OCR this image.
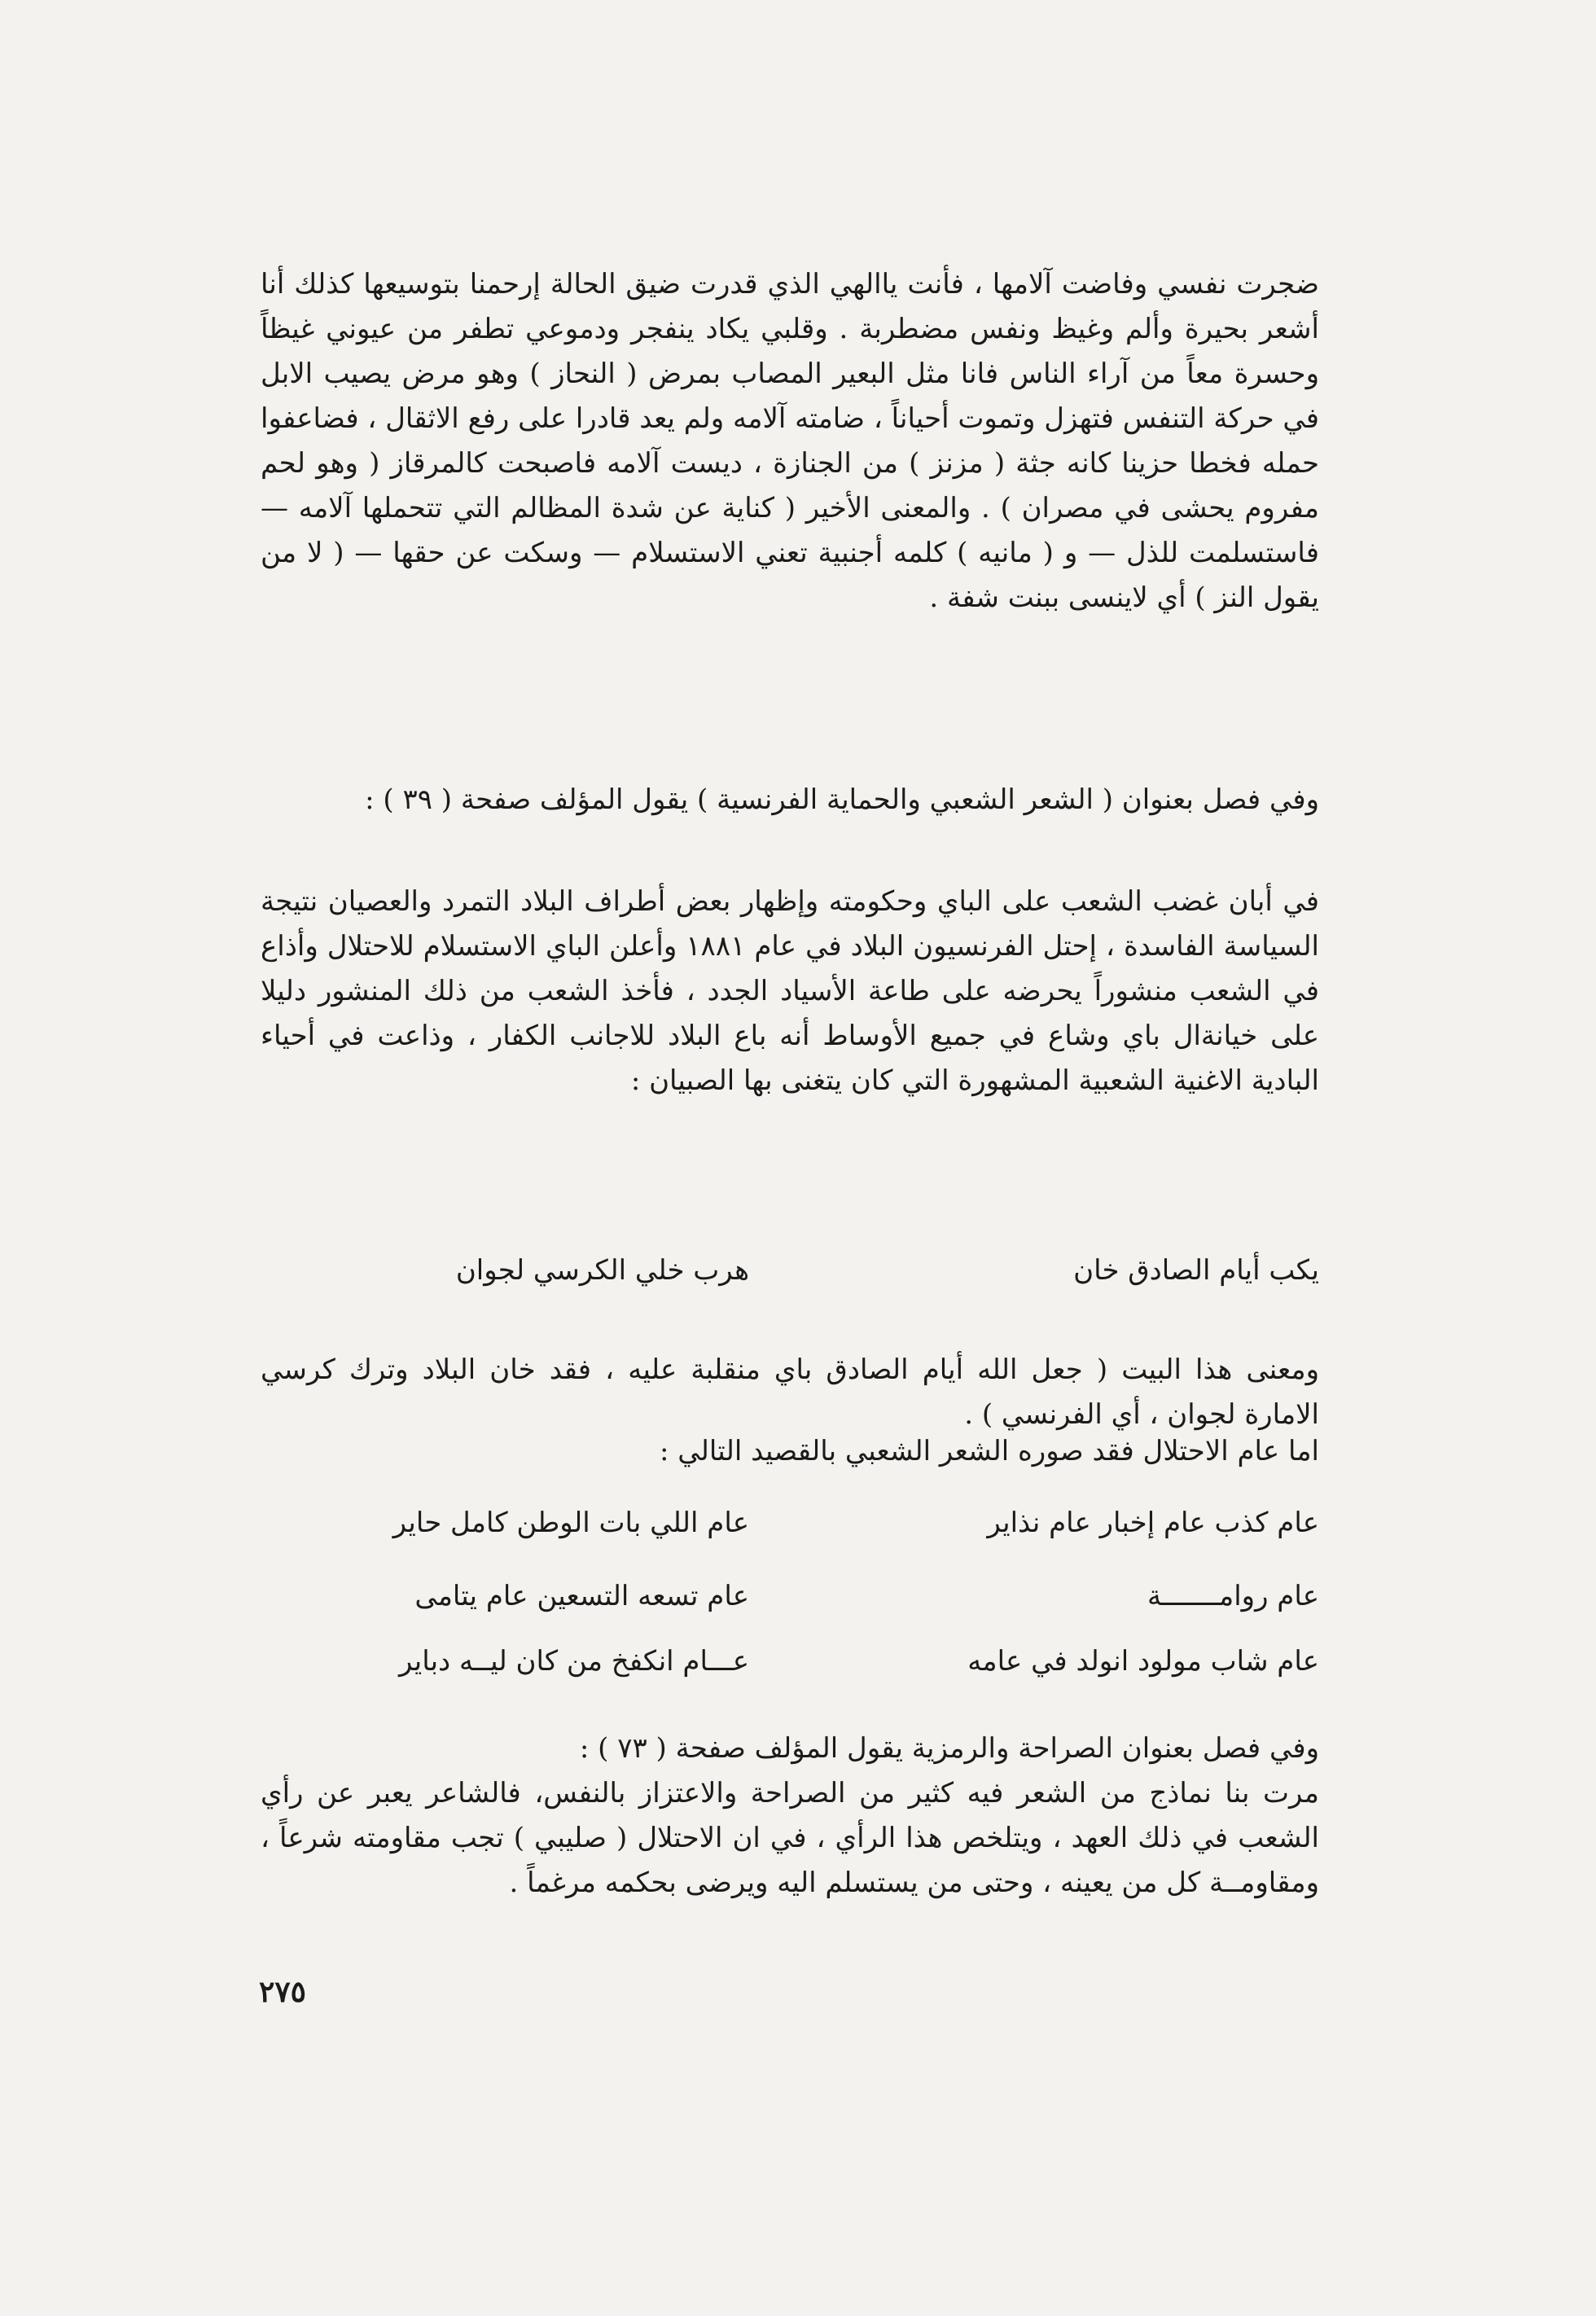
ضجرت نفسي وفاضت آلامها ، فأنت ياالهي الذي قدرت ضيق الحالة إرحمنا بتوسيعها كذلك أنا أشعر بحيرة وألم وغيظ ونفس مضطربة . وقلبي يكاد ينفجر ودموعي تطفر من عيوني غيظاً وحسرة معاً من آراء الناس فانا مثل البعير المصاب بمرض ( النحاز ) وهو مرض يصيب الابل في حركة التنفس فتهزل وتموت أحياناً ، ضامته آلامه ولم يعد قادرا على رفع الاثقال ، فضاعفوا حمله فخطا حزينا كانه جثة ( مزنز ) من الجنازة ، ديست آلامه فاصبحت كالمرقاز ( وهو لحم مفروم يحشى في مصران ) . والمعنى الأخير ( كناية عن شدة المظالم التي تتحملها آلامه — فاستسلمت للذل — و ( مانيه ) كلمه أجنبية تعني الاستسلام — وسكت عن حقها — ( لا من يقول النز ) أي لاينسى ببنت شفة .
وفي فصل بعنوان ( الشعر الشعبي والحماية الفرنسية ) يقول المؤلف صفحة ( ٣٩ ) :
في أبان غضب الشعب على الباي وحكومته وإظهار بعض أطراف البلاد التمرد والعصيان نتيجة السياسة الفاسدة ، إحتل الفرنسيون البلاد في عام ١٨٨١ وأعلن الباي الاستسلام للاحتلال وأذاع في الشعب منشوراً يحرضه على طاعة الأسياد الجدد ، فأخذ الشعب من ذلك المنشور دليلا على خيانةال باي وشاع في جميع الأوساط أنه باع البلاد للاجانب الكفار ، وذاعت في أحياء البادية الاغنية الشعبية المشهورة التي كان يتغنى بها الصبيان :
يكب أيام الصادق خان
هرب خلي الكرسي لجوان
ومعنى هذا البيت ( جعل الله أيام الصادق باي منقلبة عليه ، فقد خان البلاد وترك كرسي الامارة لجوان ، أي الفرنسي ) .
اما عام الاحتلال فقد صوره الشعر الشعبي بالقصيد التالي :
عام كذب عام إخبار عام نذاير
عام اللي بات الوطن كامل حاير
عام روامـــــــة
عام تسعه التسعين عام يتامى
عام شاب مولود انولد في عامه
عـــام انكفخ من كان ليــه دباير
وفي فصل بعنوان الصراحة والرمزية يقول المؤلف صفحة ( ٧٣ ) :
مرت بنا نماذج من الشعر فيه كثير من الصراحة والاعتزاز بالنفس، فالشاعر يعبر عن رأي الشعب في ذلك العهد ، ويتلخص هذا الرأي ، في ان الاحتلال ( صليبي ) تجب مقاومته شرعاً ، ومقاومــة كل من يعينه ، وحتى من يستسلم اليه ويرضى بحكمه مرغماً .
٢٧٥
